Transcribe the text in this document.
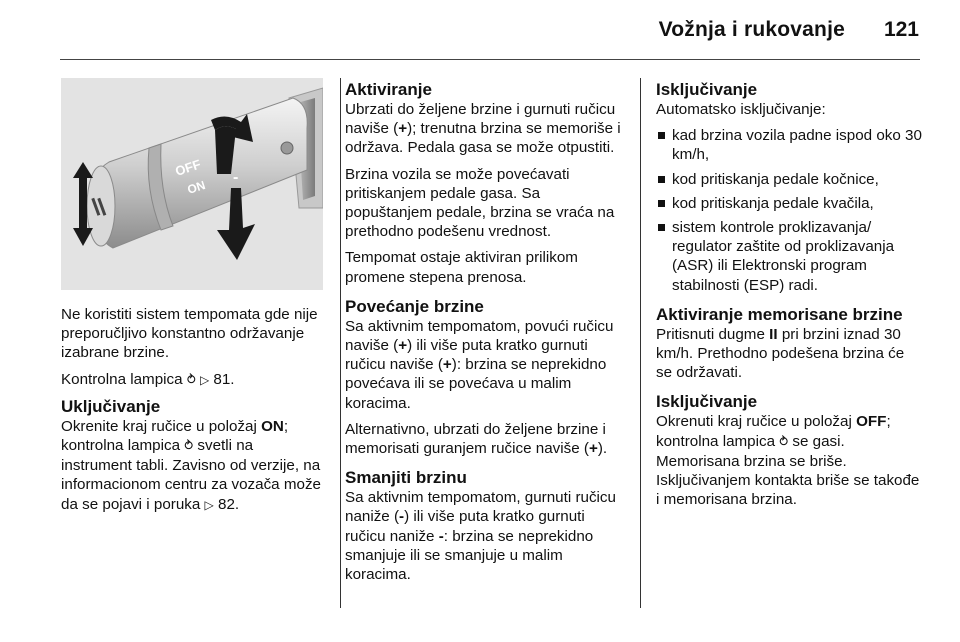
Vožnja i rukovanje 121
OFF
ON
-

Ne koristiti sistem tempomata gde nije preporučljivo konstantno održavanje izabrane brzine.

Kontrolna lampica ⥁ ▷ 81.

Uključivanje

Okrenite kraj ručice u položaj ON; kontrolna lampica ⥁ svetli na instrument tabli. Zavisno od verzije, na informacionom centru za vozača može da se pojavi i poruka ▷ 82.

Aktiviranje

Ubrzati do željene brzine i gurnuti ručicu naviše (+); trenutna brzina se memoriše i održava. Pedala gasa se može otpustiti.

Brzina vozila se može povećavati pritiskanjem pedale gasa. Sa popuštanjem pedale, brzina se vraća na prethodno podešenu vrednost.

Tempomat ostaje aktiviran prilikom promene stepena prenosa.

Povećanje brzine

Sa aktivnim tempomatom, povući ručicu naviše (+) ili više puta kratko gurnuti ručicu naviše (+): brzina se neprekidno povećava ili se povećava u malim koracima.

Alternativno, ubrzati do željene brzine i memorisati guranjem ručice naviše (+).

Smanjiti brzinu

Sa aktivnim tempomatom, gurnuti ručicu naniže (-) ili više puta kratko gurnuti ručicu naniže -: brzina se neprekidno smanjuje ili se smanjuje u malim koracima.

Isključivanje

Automatsko isključivanje:

kad brzina vozila padne ispod oko 30 km/h,
kod pritiskanja pedale kočnice,
kod pritiskanja pedale kvačila,
sistem kontrole proklizavanja/ regulator zaštite od proklizavanja (ASR) ili Elektronski program stabilnosti (ESP) radi.
Aktiviranje memorisane brzine

Pritisnuti dugme II pri brzini iznad 30 km/h. Prethodno podešena brzina će se održavati.

Isključivanje

Okrenuti kraj ručice u položaj OFF; kontrolna lampica ⥁ se gasi. Memorisana brzina se briše. Isključivanjem kontakta briše se takođe i memorisana brzina.
